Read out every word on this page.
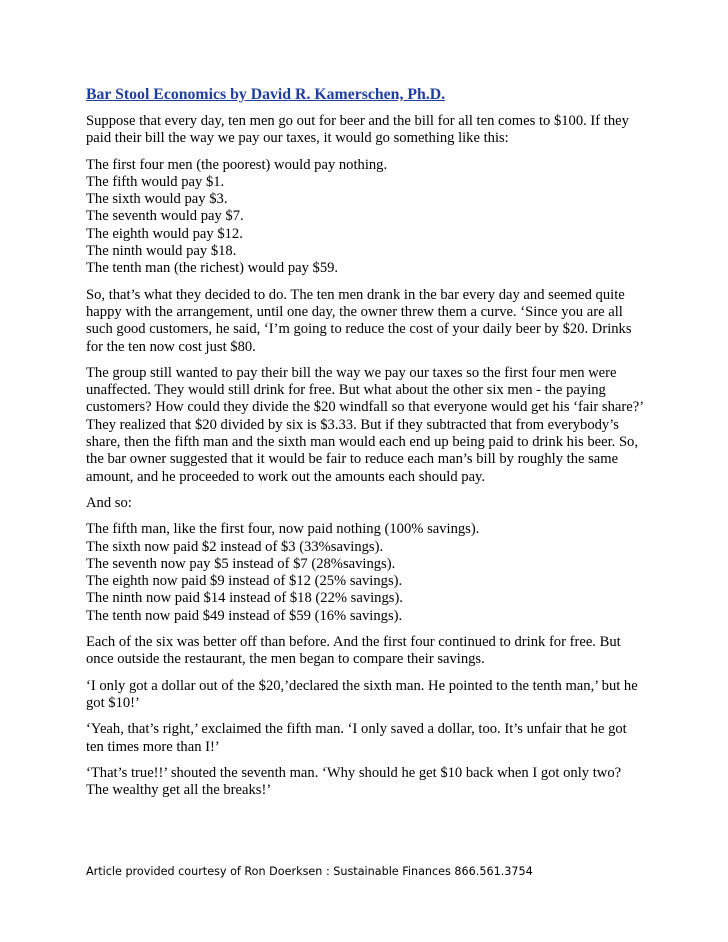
Bar Stool Economics by David R. Kamerschen, Ph.D.

Suppose that every day, ten men go out for beer and the bill for all ten comes to $100. If they paid their bill the way we pay our taxes, it would go something like this:

The first four men (the poorest) would pay nothing.
The fifth would pay $1.
The sixth would pay $3.
The seventh would pay $7.
The eighth would pay $12.
The ninth would pay $18.
The tenth man (the richest) would pay $59.

So, that’s what they decided to do. The ten men drank in the bar every day and seemed quite happy with the arrangement, until one day, the owner threw them a curve. ‘Since you are all such good customers, he said, ‘I’m going to reduce the cost of your daily beer by $20. Drinks for the ten now cost just $80.

The group still wanted to pay their bill the way we pay our taxes so the first four men were unaffected. They would still drink for free. But what about the other six men - the paying customers? How could they divide the $20 windfall so that everyone would get his ‘fair share?’ They realized that $20 divided by six is $3.33. But if they subtracted that from everybody’s share, then the fifth man and the sixth man would each end up being paid to drink his beer. So, the bar owner suggested that it would be fair to reduce each man’s bill by roughly the same amount, and he proceeded to work out the amounts each should pay.

And so:

The fifth man, like the first four, now paid nothing (100% savings).
The sixth now paid $2 instead of $3 (33%savings).
The seventh now pay $5 instead of $7 (28%savings).
The eighth now paid $9 instead of $12 (25% savings).
The ninth now paid $14 instead of $18 (22% savings).
The tenth now paid $49 instead of $59 (16% savings).

Each of the six was better off than before. And the first four continued to drink for free. But once outside the restaurant, the men began to compare their savings.

‘I only got a dollar out of the $20,’declared the sixth man. He pointed to the tenth man,’ but he got $10!’

‘Yeah, that’s right,’ exclaimed the fifth man. ‘I only saved a dollar, too. It’s unfair that he got ten times more than I!’

‘That’s true!!’ shouted the seventh man. ‘Why should he get $10 back when I got only two? The wealthy get all the breaks!’

Article provided courtesy of Ron Doerksen : Sustainable Finances 866.561.3754
